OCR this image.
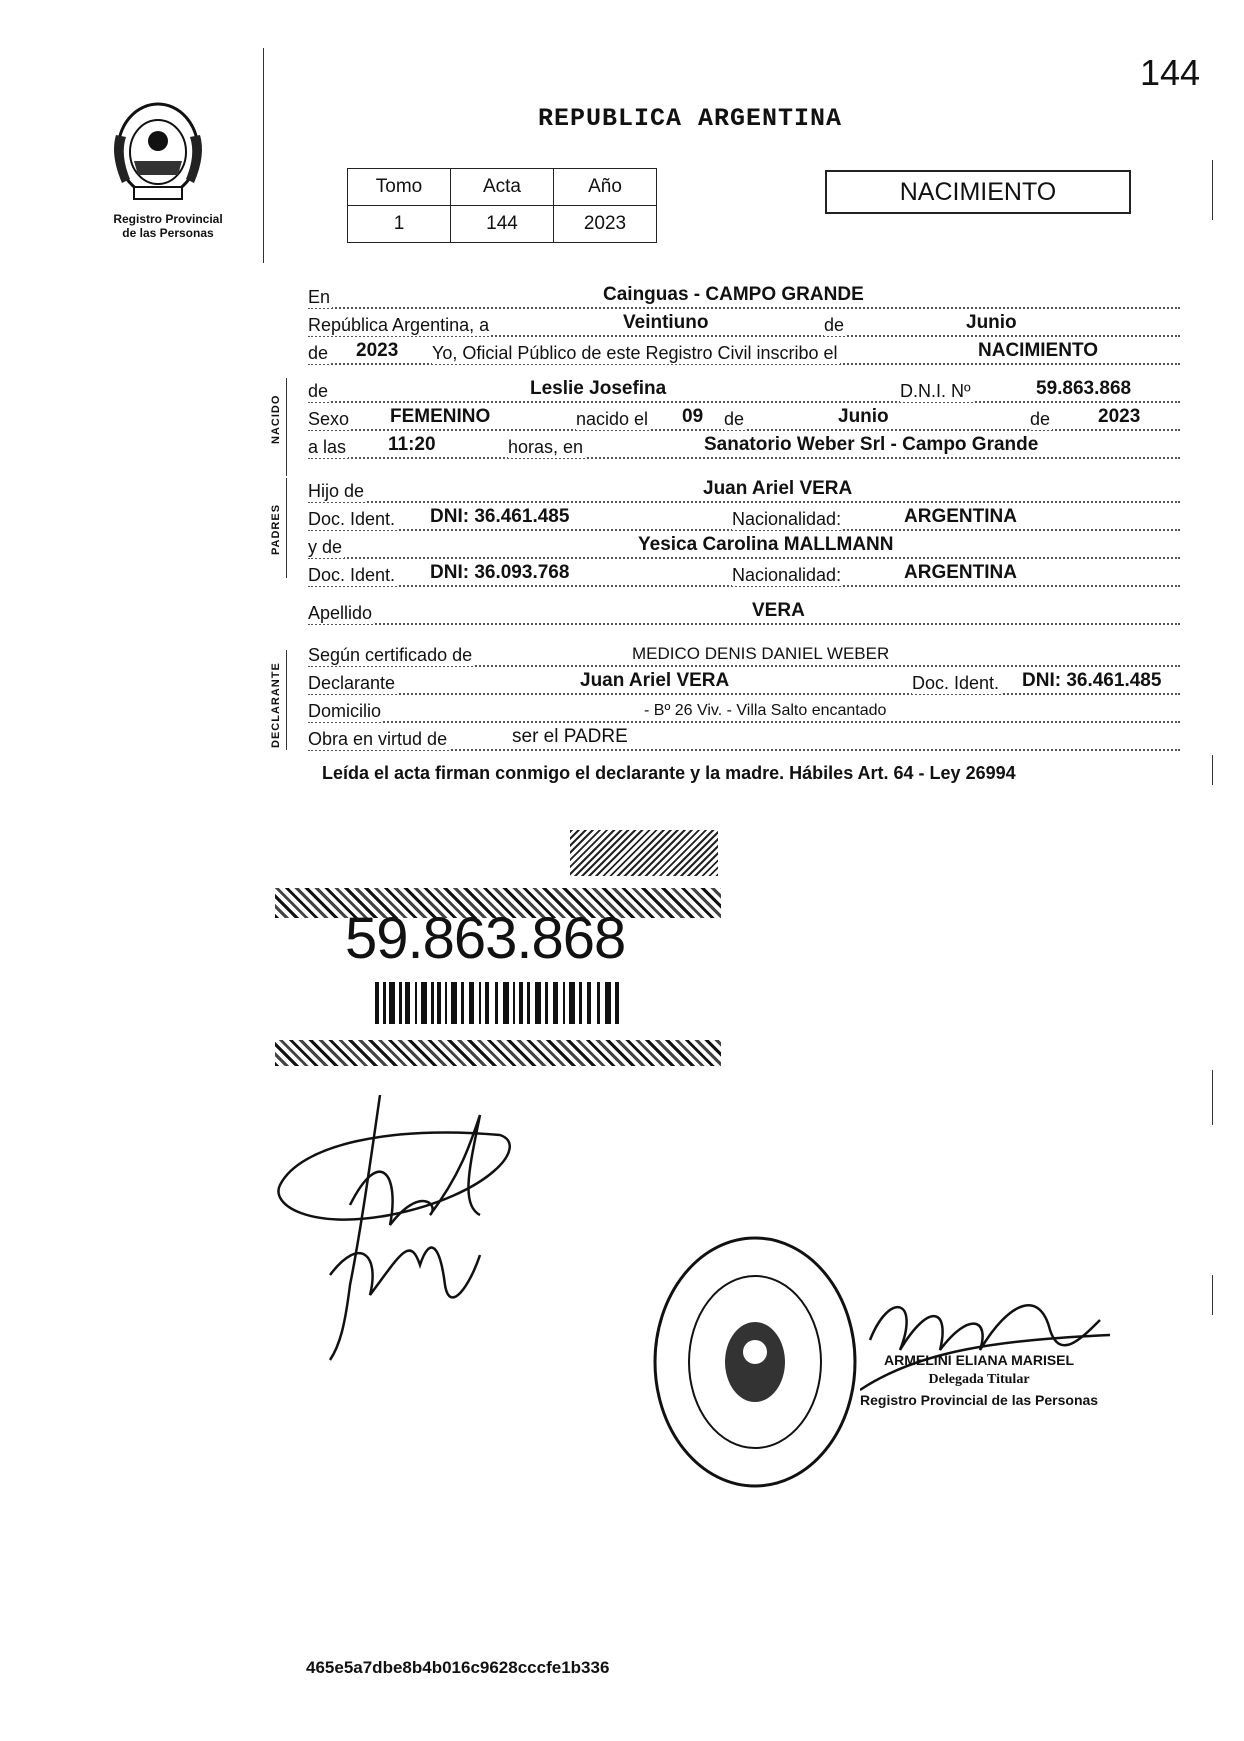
144
Registro Provincial
de las Personas
REPUBLICA ARGENTINA
Tomo	Acta	Año
1	144	2023
NACIMIENTO
NACIDO
PADRES
DECLARANTE
En	Cainguas - CAMPO GRANDE
República Argentina, a	Veintiuno	de	Junio
de 2023 Yo, Oficial Público de este Registro Civil inscribo el	NACIMIENTO
de	Leslie Josefina	D.N.I. Nº	59.863.868
Sexo FEMENINO	nacido el 09 de	Junio	de	2023
a las 11:20	horas, en	Sanatorio Weber Srl - Campo Grande
Hijo de	Juan Ariel VERA
Doc. Ident. DNI: 36.461.485	Nacionalidad:	ARGENTINA
y de	Yesica Carolina MALLMANN
Doc. Ident. DNI: 36.093.768	Nacionalidad:	ARGENTINA
Apellido	VERA
Según certificado de	MEDICO DENIS DANIEL WEBER
Declarante	Juan Ariel VERA	Doc. Ident. DNI: 36.461.485
Domicilio	- Bº 26 Viv. - Villa Salto encantado
Obra en virtud de	ser el PADRE
Leída el acta firman conmigo el declarante y la madre. Hábiles Art. 64 - Ley 26994
59.863.868
ARMELINI ELIANA MARISEL
Delegada Titular
Registro Provincial de las Personas
465e5a7dbe8b4b016c9628cccfe1b336
